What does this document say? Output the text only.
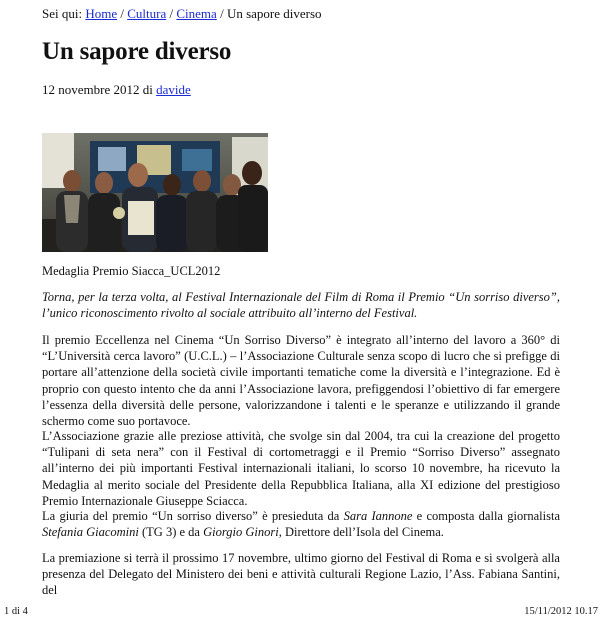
Sei qui: Home / Cultura / Cinema / Un sapore diverso
Un sapore diverso
12 novembre 2012 di davide
Medaglia Premio Siacca_UCL2012

Torna, per la terza volta, al Festival Internazionale del Film di Roma il Premio “Un sorriso diverso”, l’unico riconoscimento rivolto al sociale attribuito all’interno del Festival.

Il premio Eccellenza nel Cinema “Un Sorriso Diverso” è integrato all’interno del lavoro a 360° di “L’Università cerca lavoro” (U.C.L.) – l’Associazione Culturale senza scopo di lucro che si prefigge di portare all’attenzione della società civile importanti tematiche come la diversità e l’integrazione. Ed è proprio con questo intento che da anni l’Associazione lavora, prefiggendosi l’obiettivo di far emergere l’essenza della diversità delle persone, valorizzandone i talenti e le speranze e utilizzando il grande schermo come suo portavoce.

L’Associazione grazie alle preziose attività, che svolge sin dal 2004, tra cui la creazione del progetto “Tulipani di seta nera” con il Festival di cortometraggi e il Premio “Sorriso Diverso” assegnato all’interno dei più importanti Festival internazionali italiani, lo scorso 10 novembre, ha ricevuto la Medaglia al merito sociale del Presidente della Repubblica Italiana, alla XI edizione del prestigioso Premio Internazionale Giuseppe Sciacca.

La giuria del premio “Un sorriso diverso” è presieduta da Sara Iannone e composta dalla giornalista Stefania Giacomini (TG 3) e da Giorgio Ginori, Direttore dell’Isola del Cinema.

La premiazione si terrà il prossimo 17 novembre, ultimo giorno del Festival di Roma e si svolgerà alla presenza del Delegato del Ministero dei beni e attività culturali Regione Lazio, l’Ass. Fabiana Santini, del

1 di 4	15/11/2012 10.17
